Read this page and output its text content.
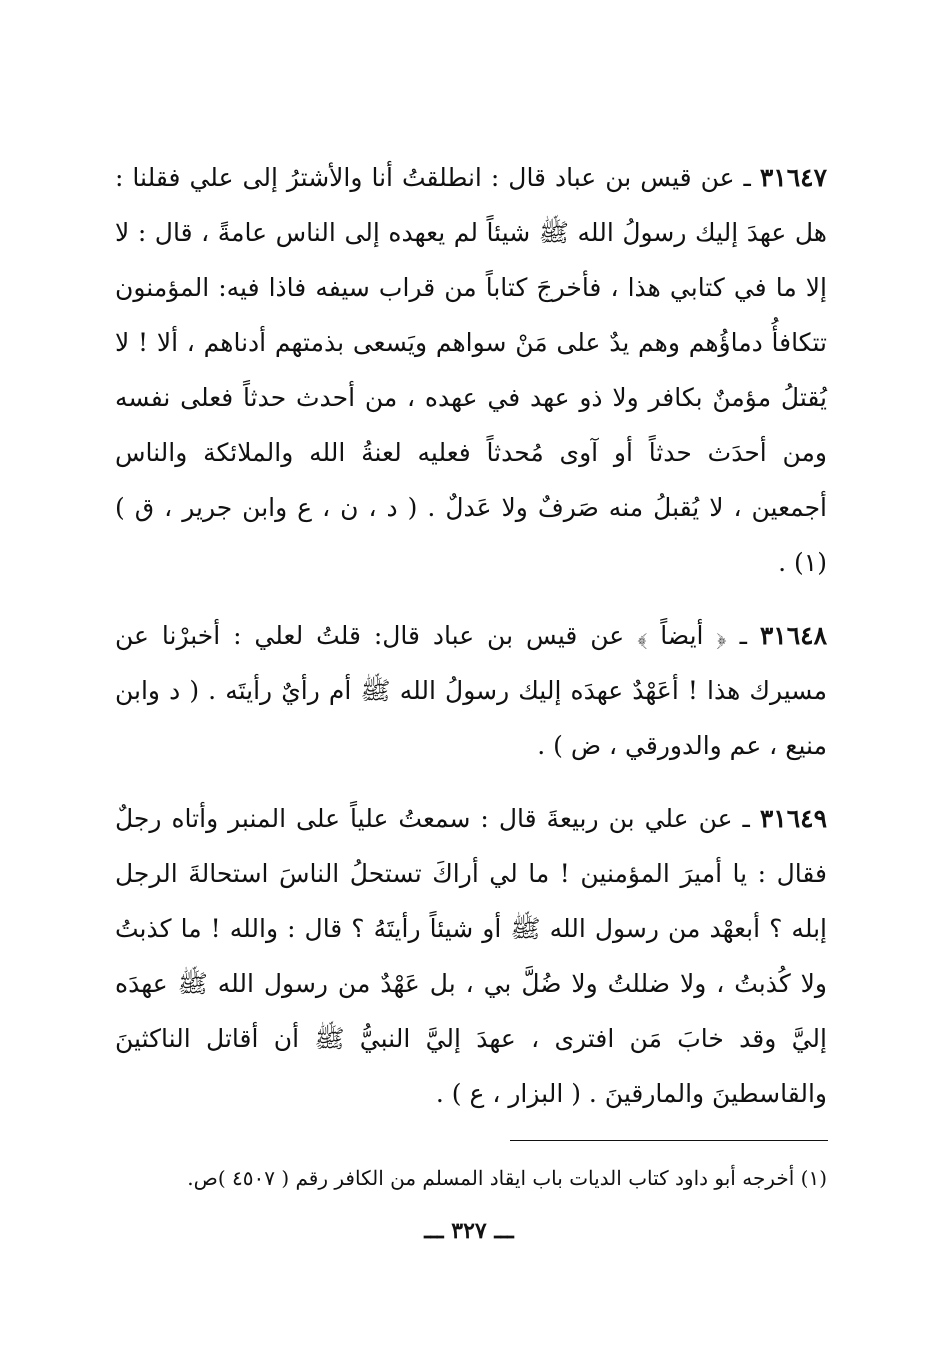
٣١٦٤٧ ـ عن قيس بن عباد قال : انطلقتُ أنا والأشترُ إلى علي فقلنا : هل عهدَ إليك رسولُ الله ﷺ شيئاً لم يعهده إلى الناس عامةً ، قال : لا إلا ما في كتابي هذا ، فأخرجَ كتاباً من قراب سيفه فاذا فيه: المؤمنون تتكافأُ دماؤُهم وهم يدٌ على مَنْ سواهم ويَسعى بذمتهم أدناهم ، ألا ! لا يُقتلُ مؤمنٌ بكافر ولا ذو عهد في عهده ، من أحدث حدثاً فعلى نفسه ومن أحدَث حدثاً أو آوى مُحدثاً فعليه لعنةُ الله والملائكة والناس أجمعين ، لا يُقبلُ منه صَرفٌ ولا عَدلٌ . ( د ، ن ، ع وابن جرير ، ق ) (١) .

٣١٦٤٨ ـ ﴿ أيضاً ﴾ عن قيس بن عباد قال: قلتُ لعلي : أخبرْنا عن مسيرك هذا ! أعَهْدٌ عهدَه إليك رسولُ الله ﷺ أم رأيٌ رأيتَه . ( د وابن منيع ، عم والدورقي ، ض ) .

٣١٦٤٩ ـ عن علي بن ربيعةَ قال : سمعتُ علياً على المنبر وأتاه رجلٌ فقال : يا أميرَ المؤمنين ! ما لي أراكَ تستحلُ الناسَ استحالةَ الرجل إبله ؟ أبعهْد من رسول الله ﷺ أو شيئاً رأيتَهُ ؟ قال : والله ! ما كذبتُ ولا كُذبتُ ، ولا ضللتُ ولا ضُلَّ بي ، بل عَهْدٌ من رسول الله ﷺ عهدَه إليَّ وقد خابَ مَن افترى ، عهدَ إليَّ النبيُّ ﷺ أن أقاتل الناكثينَ والقاسطينَ والمارقينَ . ( البزار ، ع ) .

(١) أخرجه أبو داود كتاب الديات باب ايقاد المسلم من الكافر رقم ( ٤٥٠٧ )ص.
ـــ ٣٢٧ ـــ
